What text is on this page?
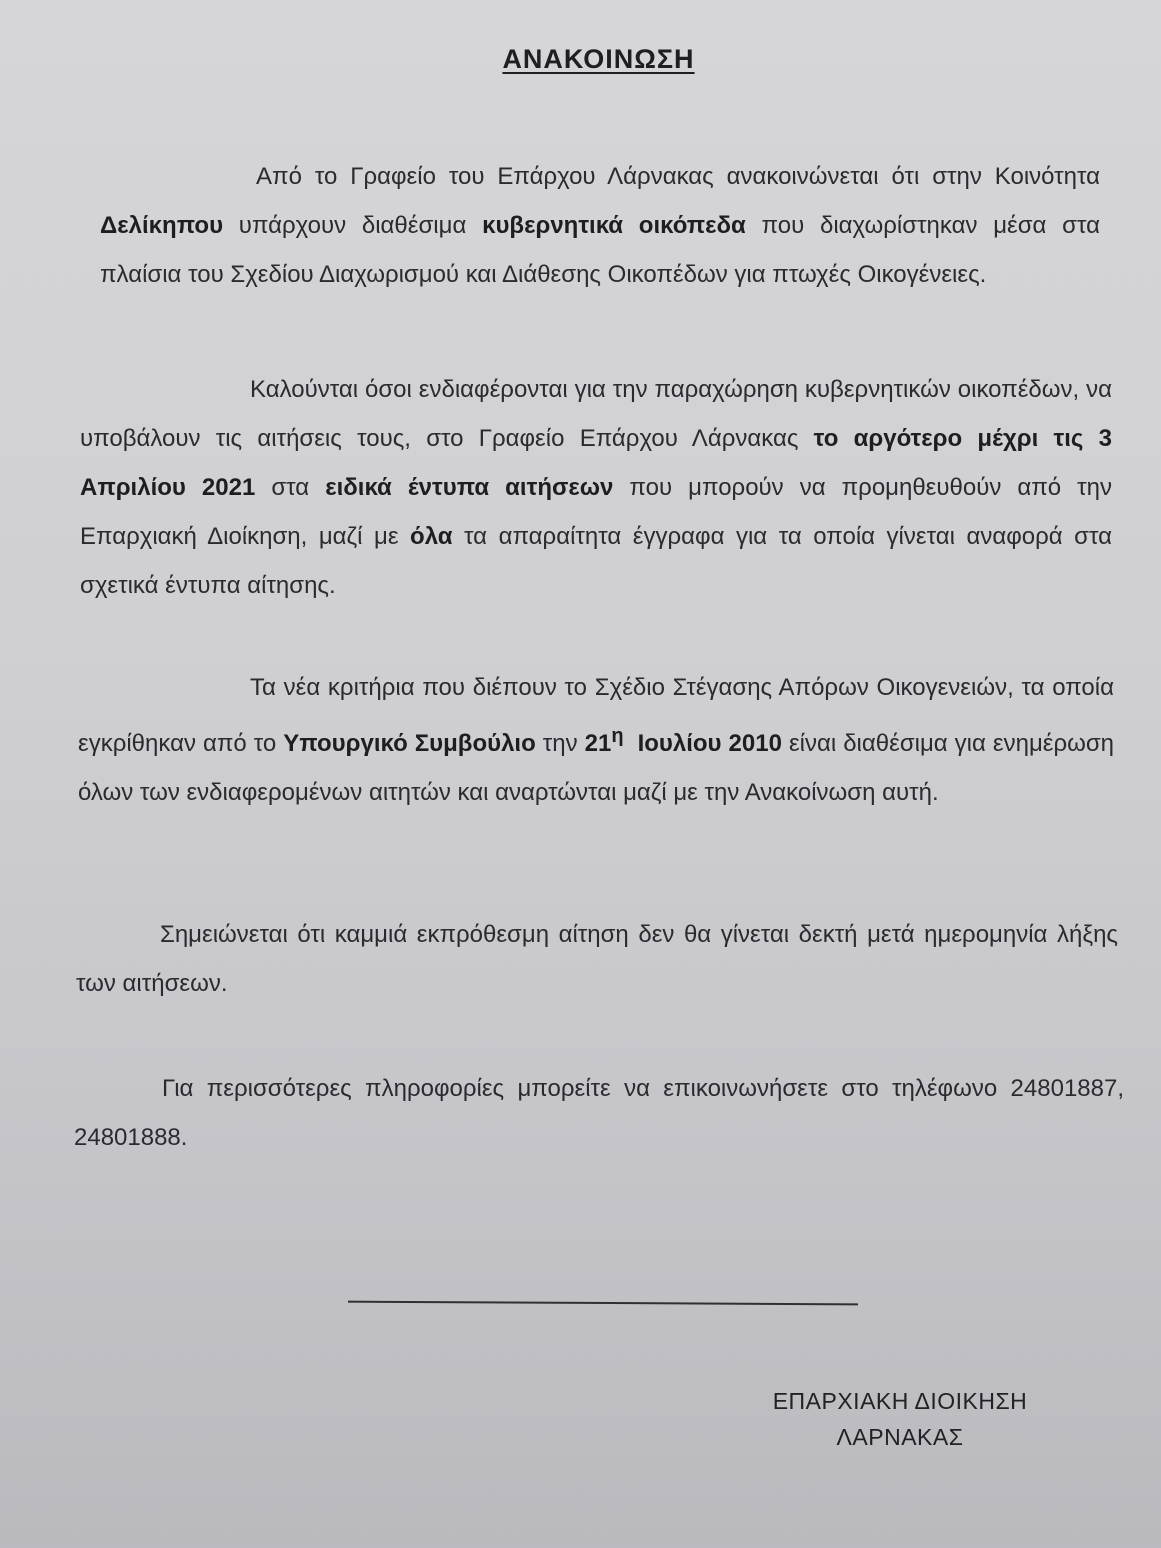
ΑΝΑΚΟΙΝΩΣΗ
Από το Γραφείο του Επάρχου Λάρνακας ανακοινώνεται ότι στην Κοινότητα Δελίκηπου υπάρχουν διαθέσιμα κυβερνητικά οικόπεδα που διαχωρίστηκαν μέσα στα πλαίσια του Σχεδίου Διαχωρισμού και Διάθεσης Οικοπέδων για πτωχές Οικογένειες.
Καλούνται όσοι ενδιαφέρονται για την παραχώρηση κυβερνητικών οικοπέδων, να υποβάλουν τις αιτήσεις τους, στο Γραφείο Επάρχου Λάρνακας το αργότερο μέχρι τις 3 Απριλίου 2021 στα ειδικά έντυπα αιτήσεων που μπορούν να προμηθευθούν από την Επαρχιακή Διοίκηση, μαζί με όλα τα απαραίτητα έγγραφα για τα οποία γίνεται αναφορά στα σχετικά έντυπα αίτησης.
Τα νέα κριτήρια που διέπουν το Σχέδιο Στέγασης Απόρων Οικογενειών, τα οποία εγκρίθηκαν από το Υπουργικό Συμβούλιο την $21^\eta$ Ιουλίου 2010 είναι διαθέσιμα για ενημέρωση όλων των ενδιαφερομένων αιτητών και αναρτώνται μαζί με την Ανακοίνωση αυτή.
Σημειώνεται ότι καμμιά εκπρόθεσμη αίτηση δεν θα γίνεται δεκτή μετά ημερομηνία λήξης των αιτήσεων.
Για περισσότερες πληροφορίες μπορείτε να επικοινωνήσετε στο τηλέφωνο 24801887, 24801888.
ΕΠΑΡΧΙΑΚΗ ΔΙΟΙΚΗΣΗ
ΛΑΡΝΑΚΑΣ
